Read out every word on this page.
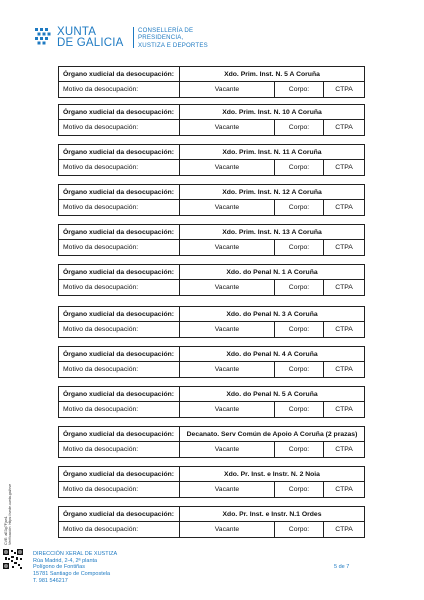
XUNTA
DE GALICIA
CONSELLERÍA DE
PRESIDENCIA,
XUSTIZA E DEPORTES
Órgano xudicial da desocupación:	Xdo. Prim. Inst. N. 5 A Coruña
Motivo da desocupación:	Vacante	Corpo:	CTPA
Órgano xudicial da desocupación:	Xdo. Prim. Inst. N. 10 A Coruña
Motivo da desocupación:	Vacante	Corpo:	CTPA
Órgano xudicial da desocupación:	Xdo. Prim. Inst. N. 11 A Coruña
Motivo da desocupación:	Vacante	Corpo:	CTPA
Órgano xudicial da desocupación:	Xdo. Prim. Inst. N. 12 A Coruña
Motivo da desocupación:	Vacante	Corpo:	CTPA
Órgano xudicial da desocupación:	Xdo. Prim. Inst. N. 13 A Coruña
Motivo da desocupación:	Vacante	Corpo:	CTPA
Órgano xudicial da desocupación:	Xdo. do Penal N. 1 A Coruña
Motivo da desocupación:	Vacante	Corpo:	CTPA
Órgano xudicial da desocupación:	Xdo. do Penal N. 3 A Coruña
Motivo da desocupación:	Vacante	Corpo:	CTPA
Órgano xudicial da desocupación:	Xdo. do Penal N. 4 A Coruña
Motivo da desocupación:	Vacante	Corpo:	CTPA
Órgano xudicial da desocupación:	Xdo. do Penal N. 5 A Coruña
Motivo da desocupación:	Vacante	Corpo:	CTPA
Órgano xudicial da desocupación:	Decanato. Serv Común de Apoio A Coruña (2 prazas)
Motivo da desocupación:	Vacante	Corpo:	CTPA
Órgano xudicial da desocupación:	Xdo. Pr. Inst. e Instr. N. 2 Noia
Motivo da desocupación:	Vacante	Corpo:	CTPA
Órgano xudicial da desocupación:	Xdo. Pr. Inst. e Instr. N.1 Ordes
Motivo da desocupación:	Vacante	Corpo:	CTPA
DIRECCIÓN XERAL DE XUSTIZA
Rúa Madrid, 2-4, 2ª planta
Polígono de Fontiñas
15781 Santiago de Compostela
T. 981 546217
5 de 7
CVE: aE3g7Fjan1 Verificación: https://sede.xunta.gal/cve
